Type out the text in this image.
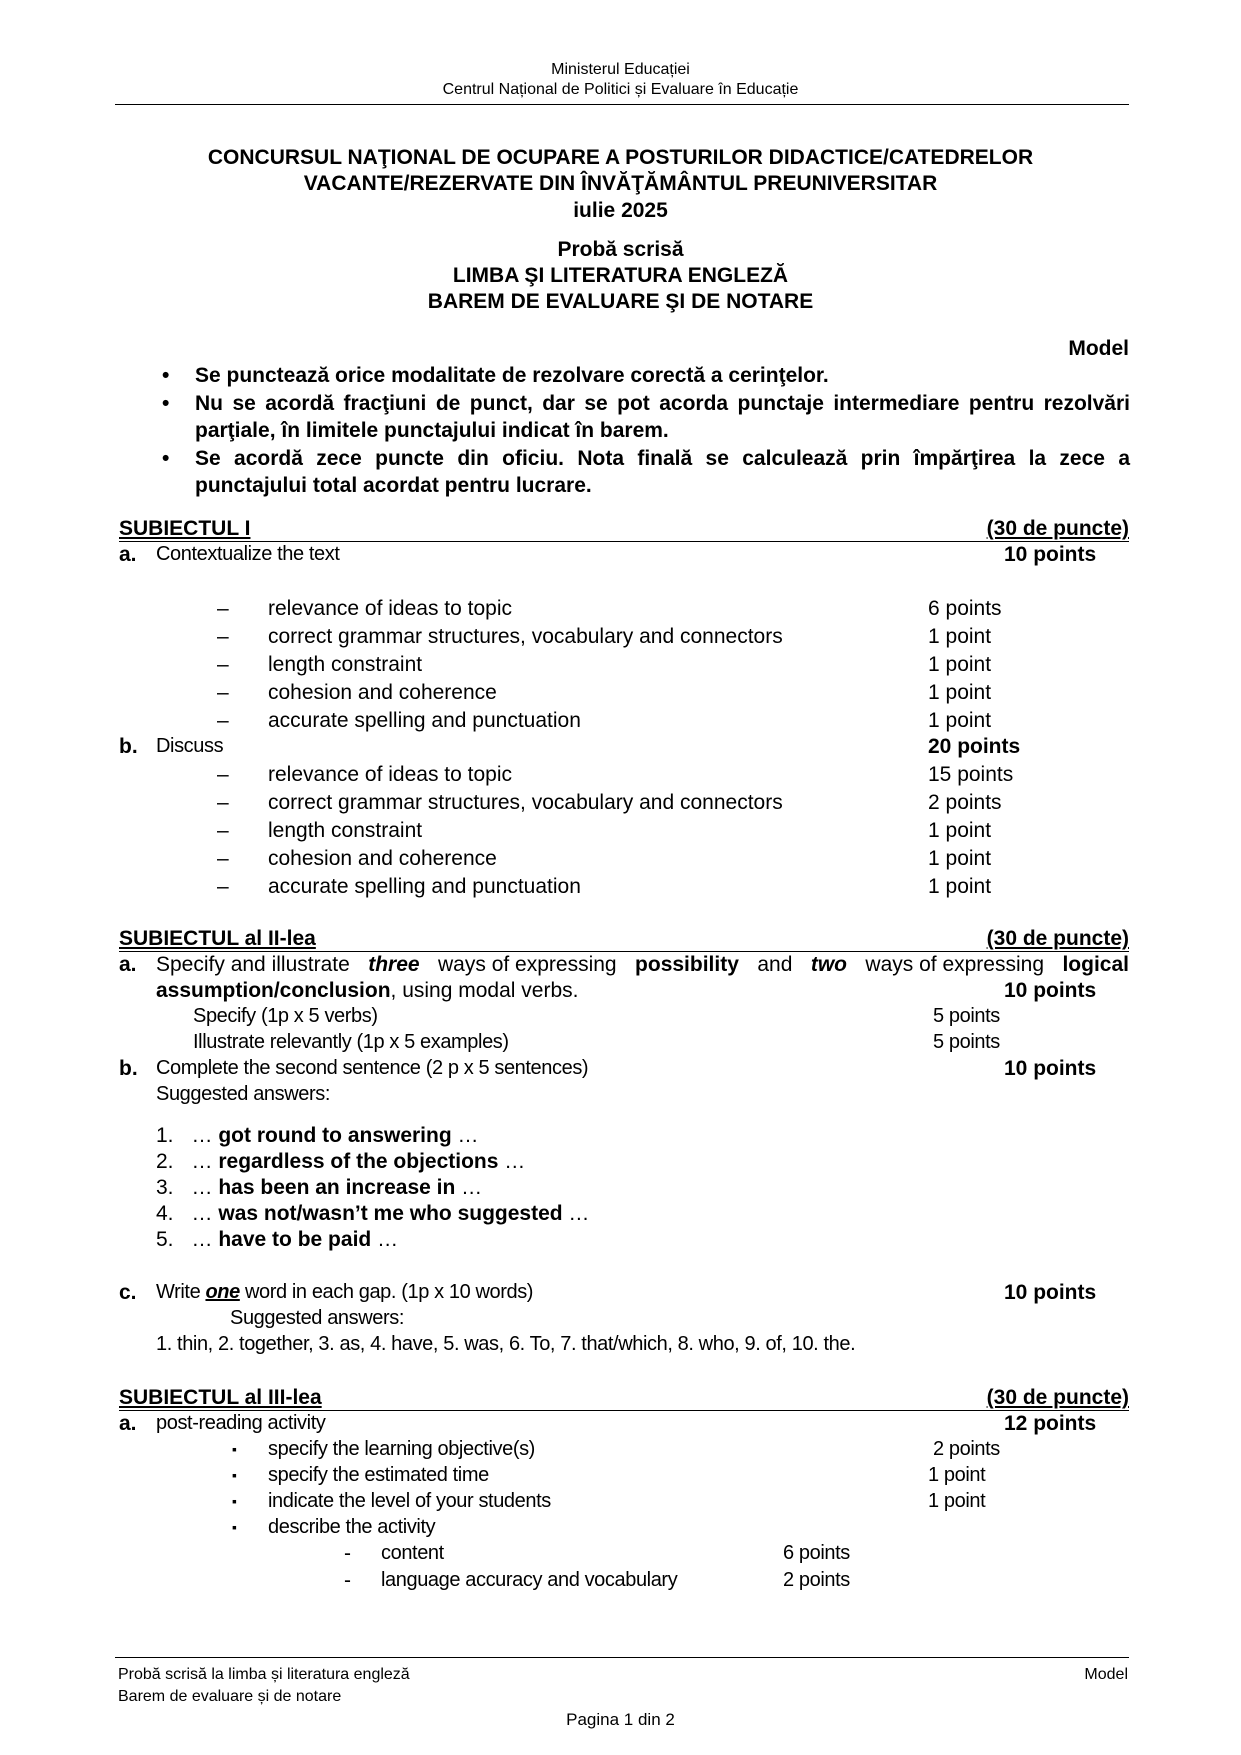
Ministerul Educației
Centrul Național de Politici și Evaluare în Educație
CONCURSUL NAŢIONAL DE OCUPARE A POSTURILOR DIDACTICE/CATEDRELOR
VACANTE/REZERVATE DIN ÎNVĂŢĂMÂNTUL PREUNIVERSITAR
iulie 2025
Probă scrisă
LIMBA ŞI LITERATURA ENGLEZĂ
BAREM DE EVALUARE ŞI DE NOTARE
Model
• Se punctează orice modalitate de rezolvare corectă a cerinţelor.
• Nu se acordă fracţiuni de punct, dar se pot acorda punctaje intermediare pentru rezolvări parţiale, în limitele punctajului indicat în barem.
• Se acordă zece puncte din oficiu. Nota finală se calculează prin împărţirea la zece a punctajului total acordat pentru lucrare.
SUBIECTUL I	(30 de puncte)
a. Contextualize the text	10 points
– relevance of ideas to topic	6 points
– correct grammar structures, vocabulary and connectors	1 point
– length constraint	1 point
– cohesion and coherence	1 point
– accurate spelling and punctuation	1 point
b. Discuss	20 points
– relevance of ideas to topic	15 points
– correct grammar structures, vocabulary and connectors	2 points
– length constraint	1 point
– cohesion and coherence	1 point
– accurate spelling and punctuation	1 point
SUBIECTUL al II-lea	(30 de puncte)
a. Specify and illustrate three ways of expressing possibility and two ways of expressing logical
assumption/conclusion, using modal verbs.	10 points
Specify (1p x 5 verbs)	5 points
Illustrate relevantly (1p x 5 examples)	5 points
b. Complete the second sentence (2 p x 5 sentences)	10 points
Suggested answers:
1. … got round to answering …
2. … regardless of the objections …
3. … has been an increase in …
4. … was not/wasn’t me who suggested …
5. … have to be paid …
c. Write one word in each gap. (1p x 10 words)	10 points
Suggested answers:
1. thin, 2. together, 3. as, 4. have, 5. was, 6. To, 7. that/which, 8. who, 9. of, 10. the.
SUBIECTUL al III-lea	(30 de puncte)
a. post-reading activity	12 points
▪ specify the learning objective(s)	2 points
▪ specify the estimated time	1 point
▪ indicate the level of your students	1 point
▪ describe the activity
- content	6 points
- language accuracy and vocabulary	2 points
Probă scrisă la limba și literatura engleză
Barem de evaluare și de notare
Model
Pagina 1 din 2
